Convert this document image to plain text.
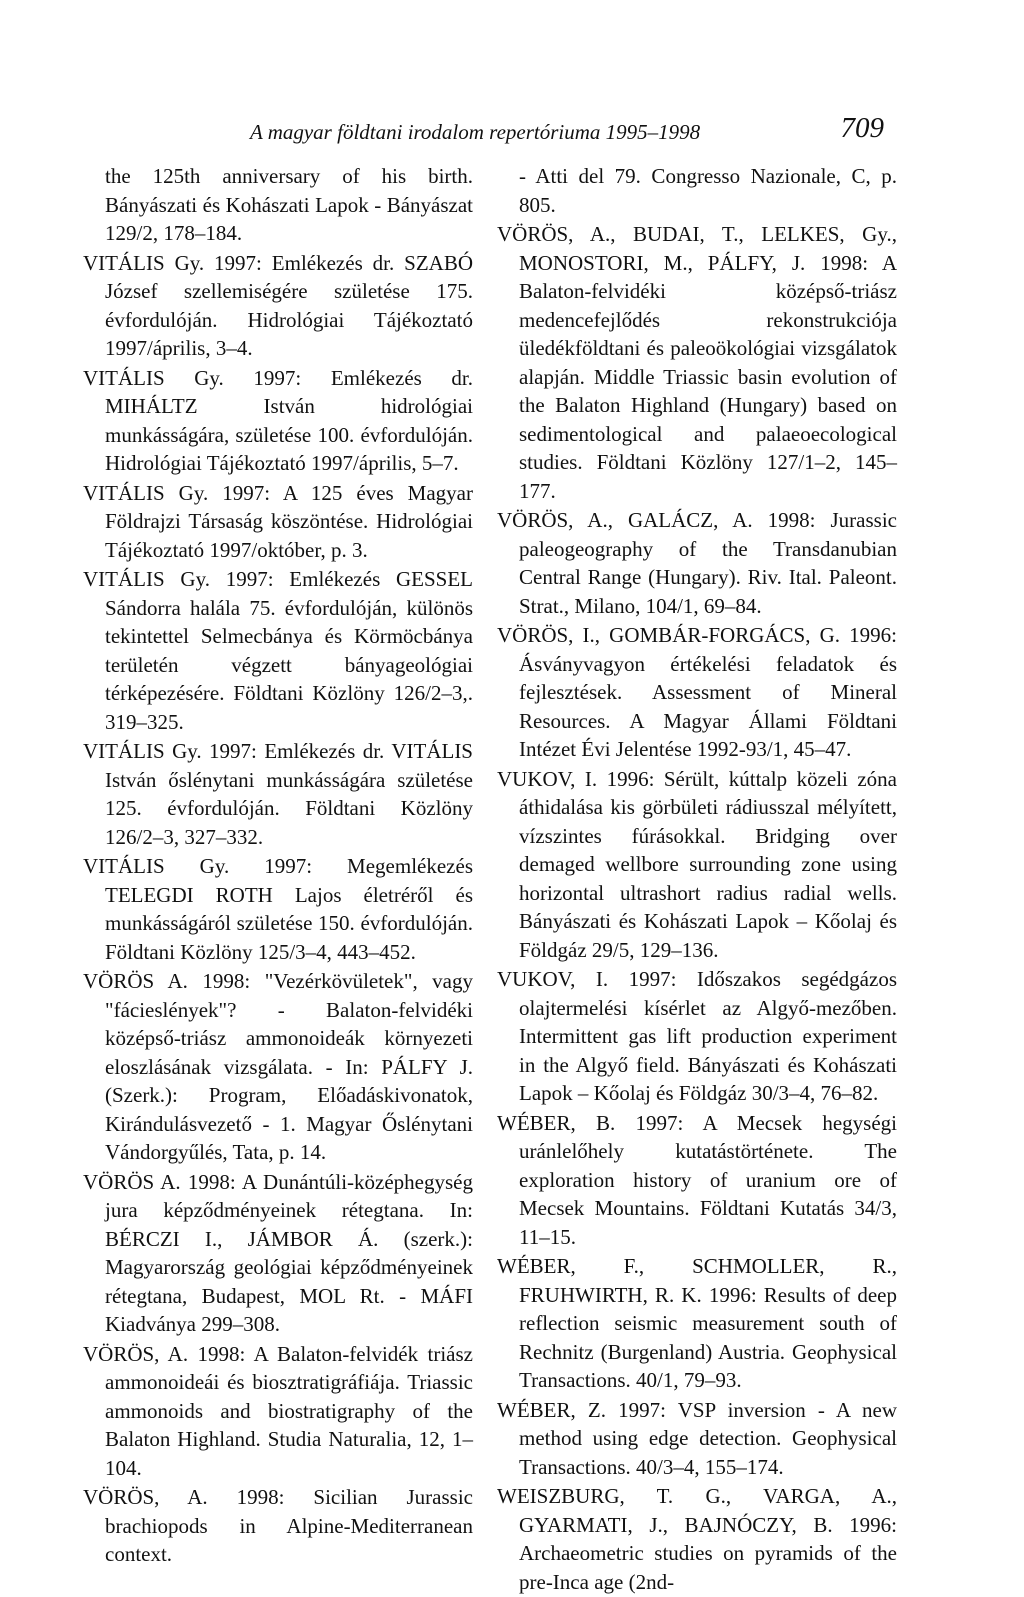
A magyar földtani irodalom repertóriuma 1995–1998	709

the 125th anniversary of his birth. Bányászati és Kohászati Lapok - Bányászat 129/2, 178–184.

VITÁLIS Gy. 1997: Emlékezés dr. SZABÓ József szellemiségére születése 175. évfordulóján. Hidrológiai Tájékoztató 1997/április, 3–4.

VITÁLIS Gy. 1997: Emlékezés dr. MIHÁLTZ István hidrológiai munkásságára, születése 100. évfordulóján. Hidrológiai Tájékoztató 1997/április, 5–7.

VITÁLIS Gy. 1997: A 125 éves Magyar Földrajzi Társaság köszöntése. Hidrológiai Tájékoztató 1997/október, p. 3.

VITÁLIS Gy. 1997: Emlékezés GESSEL Sándorra halála 75. évfordulóján, különös tekintettel Selmecbánya és Körmöcbánya területén végzett bányageológiai térképezésére. Földtani Közlöny 126/2–3,. 319–325.

VITÁLIS Gy. 1997: Emlékezés dr. VITÁLIS István őslénytani munkásságára születése 125. évfordulóján. Földtani Közlöny 126/2–3, 327–332.

VITÁLIS Gy. 1997: Megemlékezés TELEGDI ROTH Lajos életréről és munkásságáról születése 150. évfordulóján. Földtani Közlöny 125/3–4, 443–452.

VÖRÖS A. 1998: "Vezérkövületek", vagy "fácieslények"? - Balaton-felvidéki középső-triász ammonoideák környezeti eloszlásának vizsgálata. - In: PÁLFY J. (Szerk.): Program, Előadáskivonatok, Kirándulásvezető - 1. Magyar Őslénytani Vándorgyűlés, Tata, p. 14.

VÖRÖS A. 1998: A Dunántúli-középhegység jura képződményeinek rétegtana. In: BÉRCZI I., JÁMBOR Á. (szerk.): Magyarország geológiai képződményeinek rétegtana, Budapest, MOL Rt. - MÁFI Kiadványa 299–308.

VÖRÖS, A. 1998: A Balaton-felvidék triász ammonoideái és biosztratigráfiája. Triassic ammonoids and biostratigraphy of the Balaton Highland. Studia Naturalia, 12, 1–104.

VÖRÖS, A. 1998: Sicilian Jurassic brachiopods in Alpine-Mediterranean context.

- Atti del 79. Congresso Nazionale, C, p. 805.

VÖRÖS, A., BUDAI, T., LELKES, Gy., MONOSTORI, M., PÁLFY, J. 1998: A Balaton-felvidéki középső-triász medencefejlődés rekonstrukciója üledékföldtani és paleoökológiai vizsgálatok alapján. Middle Triassic basin evolution of the Balaton Highland (Hungary) based on sedimentological and palaeoecological studies. Földtani Közlöny 127/1–2, 145–177.

VÖRÖS, A., GALÁCZ, A. 1998: Jurassic paleogeography of the Transdanubian Central Range (Hungary). Riv. Ital. Paleont. Strat., Milano, 104/1, 69–84.

VÖRÖS, I., GOMBÁR-FORGÁCS, G. 1996: Ásványvagyon értékelési feladatok és fejlesztések. Assessment of Mineral Resources. A Magyar Állami Földtani Intézet Évi Jelentése 1992-93/1, 45–47.

VUKOV, I. 1996: Sérült, kúttalp közeli zóna áthidalása kis görbületi rádiusszal mélyített, vízszintes fúrásokkal. Bridging over demaged wellbore surrounding zone using horizontal ultrashort radius radial wells. Bányászati és Kohászati Lapok – Kőolaj és Földgáz 29/5, 129–136.

VUKOV, I. 1997: Időszakos segédgázos olajtermelési kísérlet az Algyő-mezőben. Intermittent gas lift production experiment in the Algyő field. Bányászati és Kohászati Lapok – Kőolaj és Földgáz 30/3–4, 76–82.

WÉBER, B. 1997: A Mecsek hegységi uránlelőhely kutatástörténete. The exploration history of uranium ore of Mecsek Mountains. Földtani Kutatás 34/3, 11–15.

WÉBER, F., SCHMOLLER, R., FRUHWIRTH, R. K. 1996: Results of deep reflection seismic measurement south of Rechnitz (Burgenland) Austria. Geophysical Transactions. 40/1, 79–93.

WÉBER, Z. 1997: VSP inversion - A new method using edge detection. Geophysical Transactions. 40/3–4, 155–174.

WEISZBURG, T. G., VARGA, A., GYARMATI, J., BAJNÓCZY, B. 1996: Archaeometric studies on pyramids of the pre-Inca age (2nd-
